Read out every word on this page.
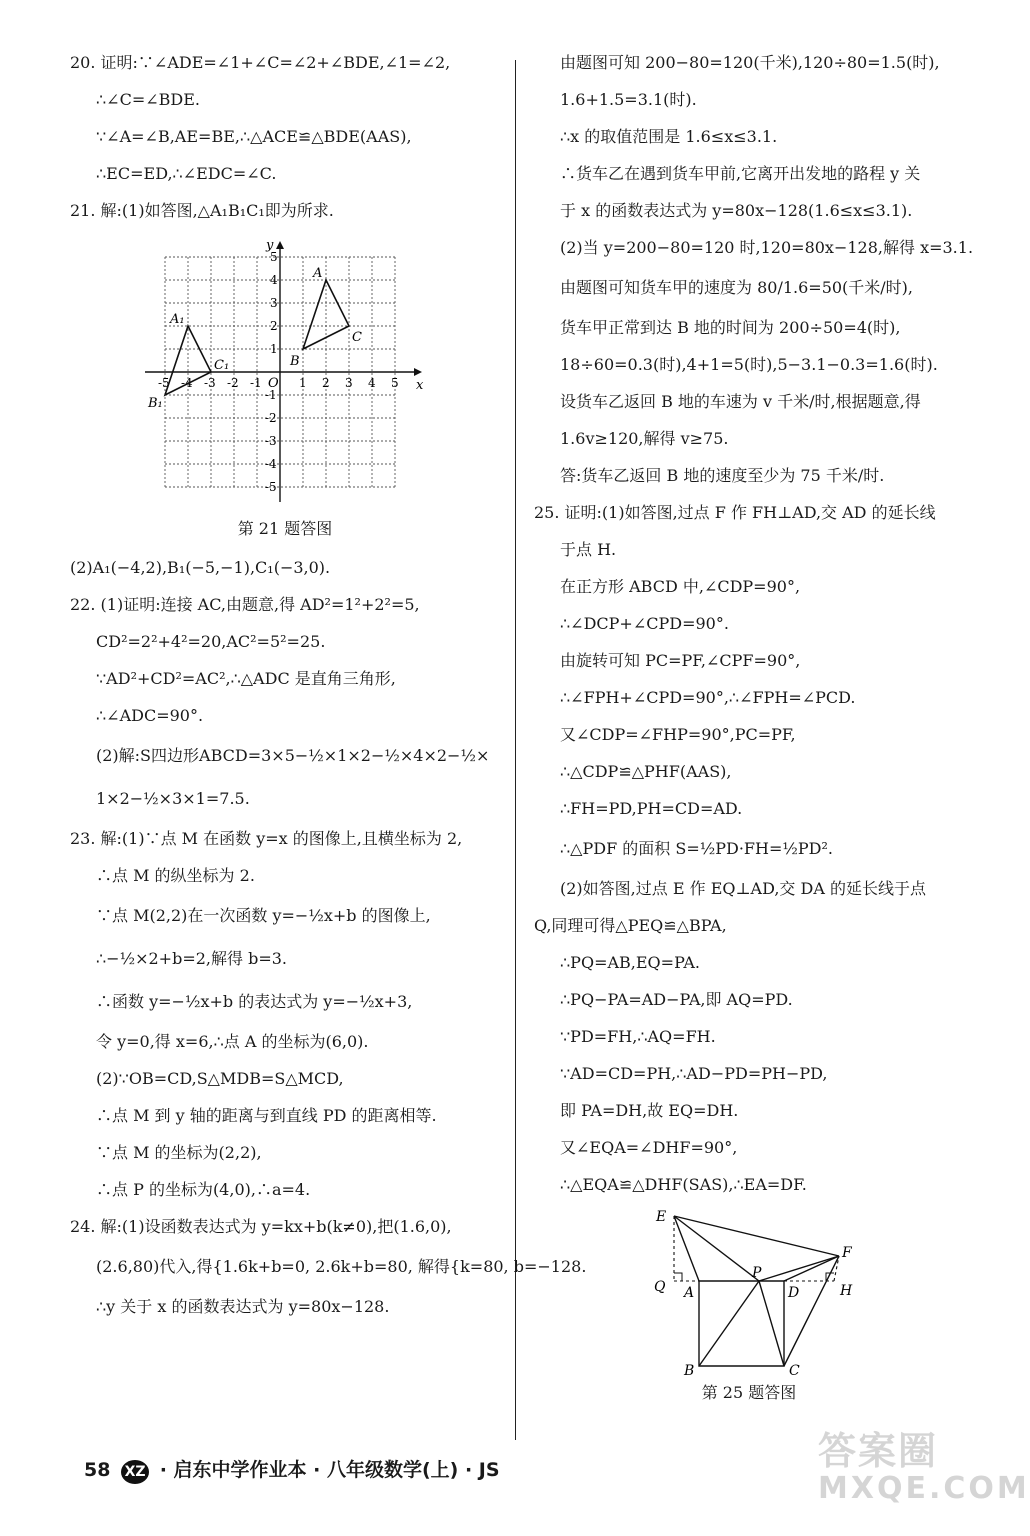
20. 证明:∵∠ADE=∠1+∠C=∠2+∠BDE,∠1=∠2,
∴∠C=∠BDE.
∵∠A=∠B,AE=BE,∴△ACE≌△BDE(AAS),
∴EC=ED,∴∠EDC=∠C.
21. 解:(1)如答图,△A₁B₁C₁即为所求.
x
y
O
-5 -4 -3 -2 -1	1 2 3 4 5
5
4
3
2
1
-1
-2
-3
-4
-5
A
B
C
A₁
B₁
C₁
第 21 题答图
(2)A₁(−4,2),B₁(−5,−1),C₁(−3,0).
22. (1)证明:连接 AC,由题意,得 AD²=1²+2²=5,
CD²=2²+4²=20,AC²=5²=25.
∵AD²+CD²=AC²,∴△ADC 是直角三角形,
∴∠ADC=90°.
(2)解:S四边形ABCD=3×5−½×1×2−½×4×2−½×
1×2−½×3×1=7.5.
23. 解:(1)∵点 M 在函数 y=x 的图像上,且横坐标为 2,
∴点 M 的纵坐标为 2.
∵点 M(2,2)在一次函数 y=−½x+b 的图像上,
∴−½×2+b=2,解得 b=3.
∴函数 y=−½x+b 的表达式为 y=−½x+3,
令 y=0,得 x=6,∴点 A 的坐标为(6,0).
(2)∵OB=CD,S△MDB=S△MCD,
∴点 M 到 y 轴的距离与到直线 PD 的距离相等.
∵点 M 的坐标为(2,2),
∴点 P 的坐标为(4,0),∴a=4.
24. 解:(1)设函数表达式为 y=kx+b(k≠0),把(1.6,0),
(2.6,80)代入,得{1.6k+b=0, 2.6k+b=80, 解得{k=80, b=−128.
∴y 关于 x 的函数表达式为 y=80x−128.
由题图可知 200−80=120(千米),120÷80=1.5(时),
1.6+1.5=3.1(时).
∴x 的取值范围是 1.6≤x≤3.1.
∴货车乙在遇到货车甲前,它离开出发地的路程 y 关
于 x 的函数表达式为 y=80x−128(1.6≤x≤3.1).
(2)当 y=200−80=120 时,120=80x−128,解得 x=3.1.
由题图可知货车甲的速度为 80/1.6=50(千米/时),
货车甲正常到达 B 地的时间为 200÷50=4(时),
18÷60=0.3(时),4+1=5(时),5−3.1−0.3=1.6(时).
设货车乙返回 B 地的车速为 v 千米/时,根据题意,得
1.6v≥120,解得 v≥75.
答:货车乙返回 B 地的速度至少为 75 千米/时.
25. 证明:(1)如答图,过点 F 作 FH⊥AD,交 AD 的延长线
于点 H.
在正方形 ABCD 中,∠CDP=90°,
∴∠DCP+∠CPD=90°.
由旋转可知 PC=PF,∠CPF=90°,
∴∠FPH+∠CPD=90°,∴∠FPH=∠PCD.
又∠CDP=∠FHP=90°,PC=PF,
∴△CDP≌△PHF(AAS),
∴FH=PD,PH=CD=AD.
∴△PDF 的面积 S=½PD·FH=½PD².
(2)如答图,过点 E 作 EQ⊥AD,交 DA 的延长线于点
Q,同理可得△PEQ≌△BPA,
∴PQ=AB,EQ=PA.
∴PQ−PA=AD−PA,即 AQ=PD.
∵PD=FH,∴AQ=FH.
∵AD=CD=PH,∴AD−PD=PH−PD,
即 PA=DH,故 EQ=DH.
又∠EQA=∠DHF=90°,
∴△EQA≌△DHF(SAS),∴EA=DF.
E
F
Q A
P
D	H
B	C
第 25 题答图
58 XZ · 启东中学作业本 · 八年级数学(上) · JS	答案圈
MXQE.COM
